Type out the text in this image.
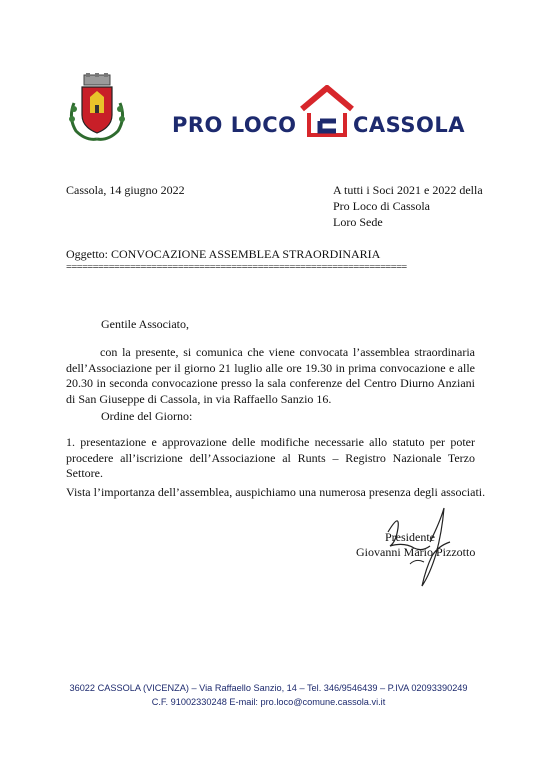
PRO LOCO	CASSOLA
Cassola, 14 giugno 2022	A tutti i Soci 2021 e 2022 della
Pro Loco di Cassola
Loro Sede
Oggetto: CONVOCAZIONE ASSEMBLEA STRAORDINARIA
================================================================
Gentile Associato,
con la presente, si comunica che viene convocata l’assemblea straordinaria dell’Associazione per il giorno 21 luglio alle ore 19.30 in prima convocazione e alle 20.30 in seconda convocazione presso la sala conferenze del Centro Diurno Anziani di San Giuseppe di Cassola, in via Raffaello Sanzio 16.
Ordine del Giorno:
1. presentazione e approvazione delle modifiche necessarie allo statuto per poter procedere all’iscrizione dell’Associazione al Runts – Registro Nazionale Terzo Settore.
Vista l’importanza dell’assemblea, auspichiamo una numerosa presenza degli associati.
Presidente
Giovanni Mario Pizzotto
36022 CASSOLA (VICENZA) – Via Raffaello Sanzio, 14 – Tel. 346/9546439 – P.IVA 02093390249
C.F. 91002330248 E-mail: pro.loco@comune.cassola.vi.it
